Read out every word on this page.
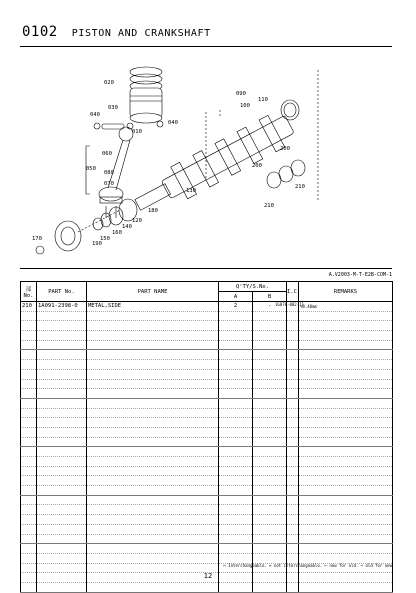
0102 PISTON AND CRANKSHAFT
020
030
040
040
010
060
080
050
070
090
100
110
200
200
210
210
130
180
120
140
160
150
190
170
1G870-002-11
A.V2003-M-T-E2B-COM-1
部No.	PART No.	PART NAME	Q'TY/S.No.		I.C.	REMARKS
			A	B		
210	1A091-2398-0	METAL,SIDE	2	-		+0.40mm

⟷ Interchangeable. ↮ not interchangeable. ⟵ new for old. ⟶ old for new
12
